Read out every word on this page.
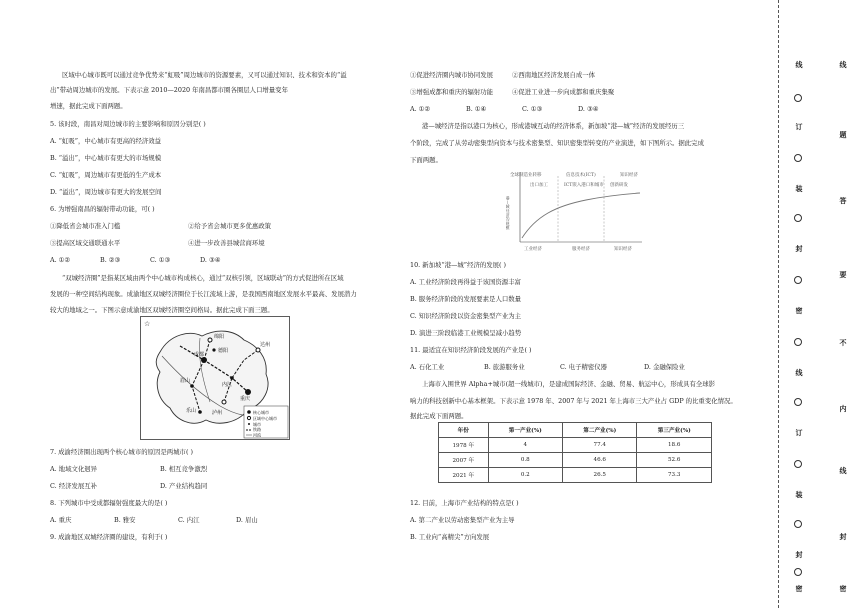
区域中心城市既可以通过竞争优势来“虹吸”周边城市的资源要素，又可以通过知识、技术和资本的“溢
出”带动周边城市的发展。下表示意 2010—2020 年南昌都市圈各圈层人口增量变年
增速，据此完成下面两题。
5. 该时段，南昌对周边城市的主要影响和原因分别是( )
A. “虹吸”，中心城市有更高的经济效益
B. “溢出”，中心城市有更大的市场规模
C. “虹吸”，周边城市有更低的生产成本
D. “溢出”，周边城市有更大的发展空间
6. 为增强南昌的辐射带动功能，可( )
①降低省会城市准入门槛	②给予省会城市更多优惠政策
③提高区域交通联通水平	④进一步改善县城营商环境
A. ①②	B. ②③	C. ①③	D. ③④
“双城经济圈”是指某区域由两个中心城市构成核心，通过“双核引领，区域联动”的方式促进所在区域
发展的一种空间结构现象。成渝地区双城经济圈位于长江流域上游，是我国西南地区发展水平最高、发展潜力
较大的地域之一。下图示意成渝地区双城经济圈空间格局。据此完成下面三题。
☆
绵阳
德阳
成都
眉山
乐山
内江
重庆
泸州
达州
核心城市
区域中心城市
城市
铁路
河流
7. 成渝经济圈出现两个核心城市的原因是两城市( )
A. 地域文化迥异	B. 相互竞争激烈
C. 经济发展互补	D. 产业结构趋同
8. 下列城市中受成都辐射强度最大的是( )
A. 重庆	B. 雅安	C. 内江	D. 眉山
9. 成渝地区双城经济圈的建设，有利于( )
①促进经济圈内城市协同发展	②西南地区经济发展自成一体
③增强成都和重庆的辐射功能	④促进工业进一步向成都和重庆集聚
A. ①②	B. ①④	C. ①③	D. ③④
港—城经济是指以港口为核心，形成港城互动的经济体系，新加坡“港—城”经济的发展经历三
个阶段，完成了从劳动密集型向资本与技术密集型、知识密集型转变的产业演进，如下图所示。据此完成
下面两题。
全球制造业转移	信息技术(ICT)	知识经济
出口加工	ICT嵌入港口和城市 创新研发
工业经济	服务经济	知识经济
港—城经济的规模
10. 新加坡“港—城”经济的发展( )
A. 工业经济阶段再得益于该国资源丰富
B. 服务经济阶段的发展要素是人口数量
C. 知识经济阶段以资金密集型产业为主
D. 演进三阶段临港工业规模呈减小趋势
11. 最适宜在知识经济阶段发展的产业是( )
A. 石化工业	B. 旅游服务业	C. 电子精密仪器	D. 金融保险业
上海市入围世界 Alpha+城市(超一线城市)，是建成国际经济、金融、贸易、航运中心，形成具有全球影
响力的科技创新中心基本框架。下表示意 1978 年、2007 年与 2021 年上海市三大产业占 GDP 的比重变化情况。
据此完成下面两题。
年份	第一产业(%)	第二产业(%)	第三产业(%)
1978 年	4	77.4	18.6
2007 年	0.8	46.6	52.6
2021 年	0.2	26.5	73.3
12. 目前，上海市产业结构的特点是( )
A. 第二产业以劳动密集型产业为主导
B. 工业向“高精尖”方向发展
线
订
装
封
密
线
订
装
封
密
线
题
答
要
不
内
线
封
密
